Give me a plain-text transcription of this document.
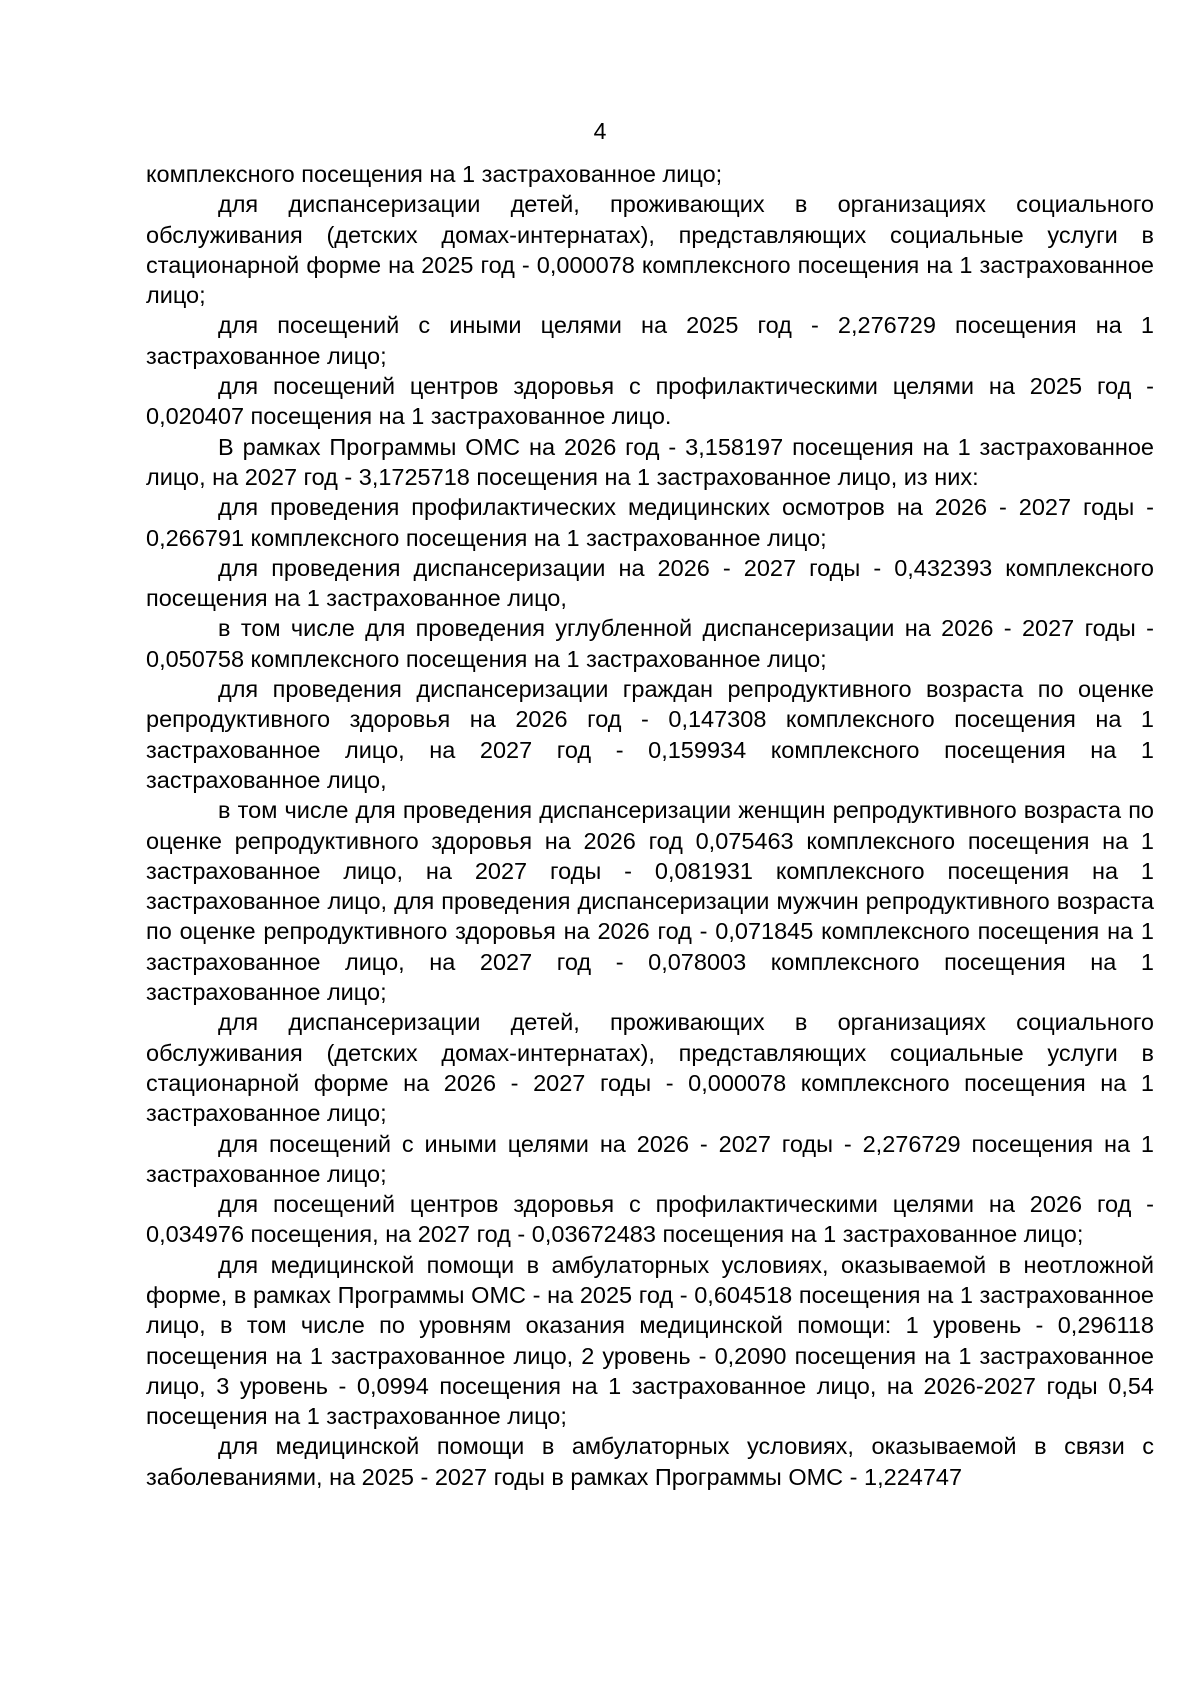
4

комплексного посещения на 1 застрахованное лицо;

для диспансеризации детей, проживающих в организациях социального обслуживания (детских домах-интернатах), представляющих социальные услуги в стационарной форме на 2025 год - 0,000078 комплексного посещения на 1 застрахованное лицо;

для посещений с иными целями на 2025 год - 2,276729 посещения на 1 застрахованное лицо;

для посещений центров здоровья с профилактическими целями на 2025 год - 0,020407 посещения на 1 застрахованное лицо.

В рамках Программы ОМС на 2026 год - 3,158197 посещения на 1 застрахованное лицо, на 2027 год - 3,1725718 посещения на 1 застрахованное лицо, из них:

для проведения профилактических медицинских осмотров на 2026 - 2027 годы - 0,266791 комплексного посещения на 1 застрахованное лицо;

для проведения диспансеризации на 2026 - 2027 годы - 0,432393 комплексного посещения на 1 застрахованное лицо,

в том числе для проведения углубленной диспансеризации на 2026 - 2027 годы - 0,050758 комплексного посещения на 1 застрахованное лицо;

для проведения диспансеризации граждан репродуктивного возраста по оценке репродуктивного здоровья на 2026 год - 0,147308 комплексного посещения на 1 застрахованное лицо, на 2027 год - 0,159934 комплексного посещения на 1 застрахованное лицо,

в том числе для проведения диспансеризации женщин репродуктивного возраста по оценке репродуктивного здоровья на 2026 год 0,075463 комплексного посещения на 1 застрахованное лицо, на 2027 годы - 0,081931 комплексного посещения на 1 застрахованное лицо, для проведения диспансеризации мужчин репродуктивного возраста по оценке репродуктивного здоровья на 2026 год - 0,071845 комплексного посещения на 1 застрахованное лицо, на 2027 год - 0,078003 комплексного посещения на 1 застрахованное лицо;

для диспансеризации детей, проживающих в организациях социального обслуживания (детских домах-интернатах), представляющих социальные услуги в стационарной форме на 2026 - 2027 годы - 0,000078 комплексного посещения на 1 застрахованное лицо;

для посещений с иными целями на 2026 - 2027 годы - 2,276729 посещения на 1 застрахованное лицо;

для посещений центров здоровья с профилактическими целями на 2026 год - 0,034976 посещения, на 2027 год - 0,03672483 посещения на 1 застрахованное лицо;

для медицинской помощи в амбулаторных условиях, оказываемой в неотложной форме, в рамках Программы ОМС - на 2025 год - 0,604518 посещения на 1 застрахованное лицо, в том числе по уровням оказания медицинской помощи: 1 уровень - 0,296118 посещения на 1 застрахованное лицо, 2 уровень - 0,2090 посещения на 1 застрахованное лицо, 3 уровень - 0,0994 посещения на 1 застрахованное лицо, на 2026-2027 годы 0,54 посещения на 1 застрахованное лицо;

для медицинской помощи в амбулаторных условиях, оказываемой в связи с заболеваниями, на 2025 - 2027 годы в рамках Программы ОМС - 1,224747
